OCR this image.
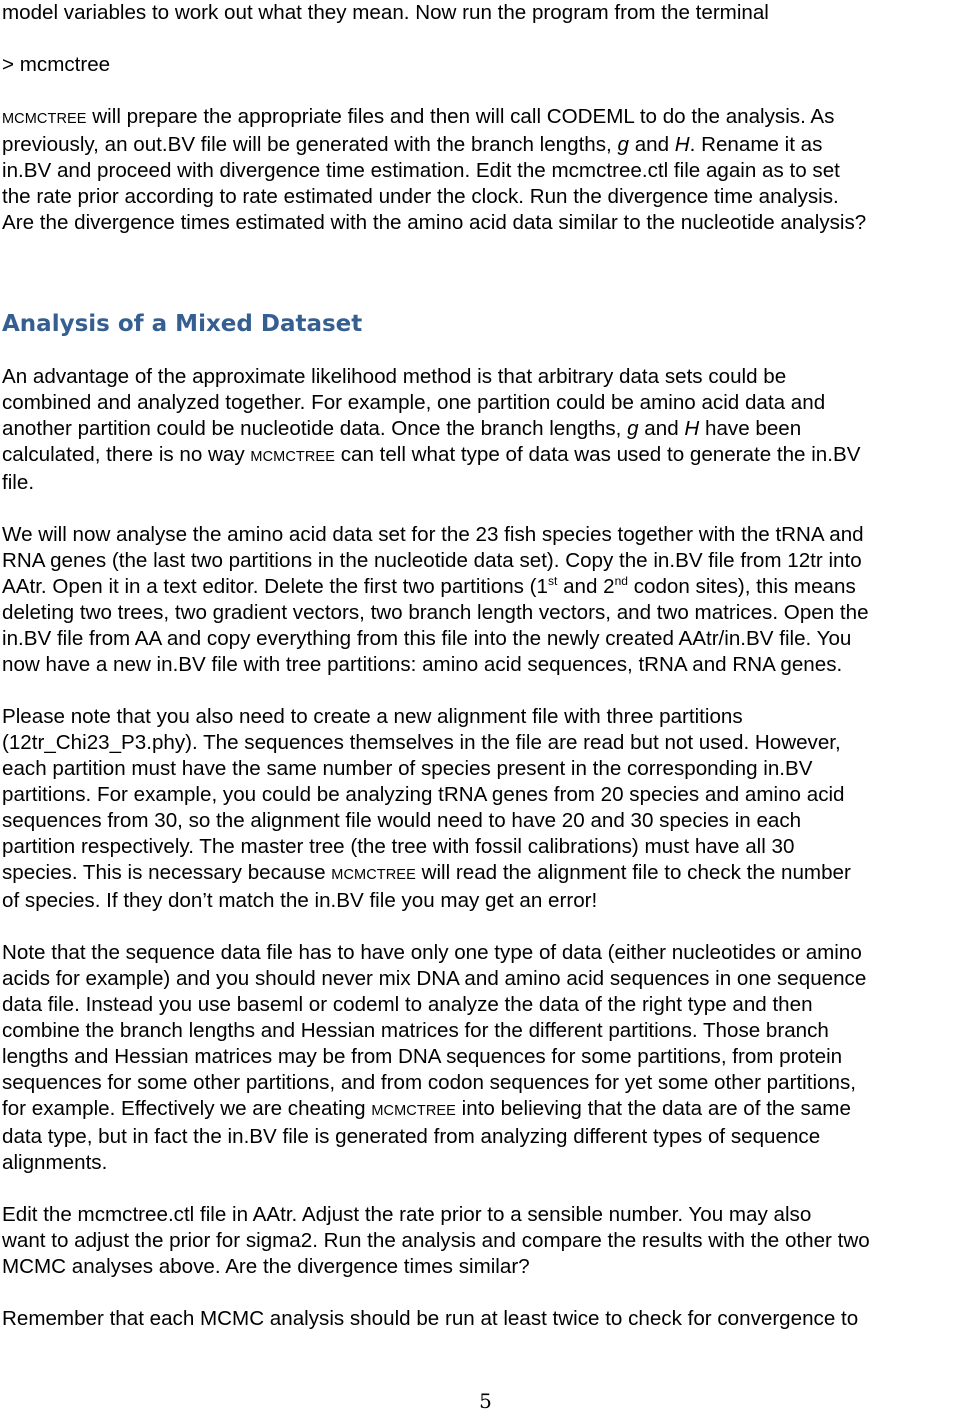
model variables to work out what they mean. Now run the program from the terminal

> mcmctree

MCMCTREE will prepare the appropriate files and then will call CODEML to do the analysis. As

previously, an out.BV file will be generated with the branch lengths, g and H. Rename it as

in.BV and proceed with divergence time estimation. Edit the mcmctree.ctl file again as to set

the rate prior according to rate estimated under the clock. Run the divergence time analysis.

Are the divergence times estimated with the amino acid data similar to the nucleotide analysis?

Analysis of a Mixed Dataset

An advantage of the approximate likelihood method is that arbitrary data sets could be

combined and analyzed together. For example, one partition could be amino acid data and

another partition could be nucleotide data. Once the branch lengths, g and H have been

calculated, there is no way MCMCTREE can tell what type of data was used to generate the in.BV

file.

We will now analyse the amino acid data set for the 23 fish species together with the tRNA and

RNA genes (the last two partitions in the nucleotide data set). Copy the in.BV file from 12tr into

AAtr. Open it in a text editor. Delete the first two partitions (1st and 2nd codon sites), this means

deleting two trees, two gradient vectors, two branch length vectors, and two matrices. Open the

in.BV file from AA and copy everything from this file into the newly created AAtr/in.BV file. You

now have a new in.BV file with tree partitions: amino acid sequences, tRNA and RNA genes.

Please note that you also need to create a new alignment file with three partitions

(12tr_Chi23_P3.phy). The sequences themselves in the file are read but not used. However,

each partition must have the same number of species present in the corresponding in.BV

partitions. For example, you could be analyzing tRNA genes from 20 species and amino acid

sequences from 30, so the alignment file would need to have 20 and 30 species in each

partition respectively. The master tree (the tree with fossil calibrations) must have all 30

species. This is necessary because MCMCTREE will read the alignment file to check the number

of species. If they don’t match the in.BV file you may get an error!

Note that the sequence data file has to have only one type of data (either nucleotides or amino

acids for example) and you should never mix DNA and amino acid sequences in one sequence

data file. Instead you use baseml or codeml to analyze the data of the right type and then

combine the branch lengths and Hessian matrices for the different partitions. Those branch

lengths and Hessian matrices may be from DNA sequences for some partitions, from protein

sequences for some other partitions, and from codon sequences for yet some other partitions,

for example. Effectively we are cheating MCMCTREE into believing that the data are of the same

data type, but in fact the in.BV file is generated from analyzing different types of sequence

alignments.

Edit the mcmctree.ctl file in AAtr. Adjust the rate prior to a sensible number. You may also

want to adjust the prior for sigma2. Run the analysis and compare the results with the other two

MCMC analyses above. Are the divergence times similar?

Remember that each MCMC analysis should be run at least twice to check for convergence to

5
